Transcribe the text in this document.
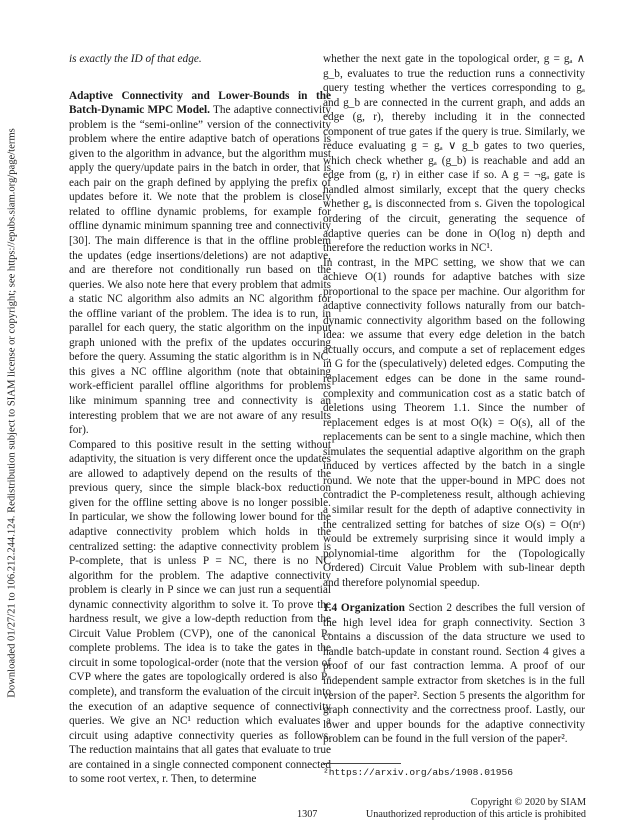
Downloaded 01/27/21 to 106.212.244.124. Redistribution subject to SIAM license or copyright; see https://epubs.siam.org/page/terms

is exactly the ID of that edge.

Adaptive Connectivity and Lower-Bounds in the Batch-Dynamic MPC Model. The adaptive connectivity problem is the “semi-online” version of the connectivity problem where the entire adaptive batch of operations is given to the algorithm in advance, but the algorithm must apply the query/update pairs in the batch in order, that is each pair on the graph defined by applying the prefix of updates before it. We note that the problem is closely related to offline dynamic problems, for example for offline dynamic minimum spanning tree and connectivity [30]. The main difference is that in the offline problem the updates (edge insertions/deletions) are not adaptive, and are therefore not conditionally run based on the queries. We also note here that every problem that admits a static NC algorithm also admits an NC algorithm for the offline variant of the problem. The idea is to run, in parallel for each query, the static algorithm on the input graph unioned with the prefix of the updates occuring before the query. Assuming the static algorithm is in NC, this gives a NC offline algorithm (note that obtaining work-efficient parallel offline algorithms for problems like minimum spanning tree and connectivity is an interesting problem that we are not aware of any results for).

Compared to this positive result in the setting without adaptivity, the situation is very different once the updates are allowed to adaptively depend on the results of the previous query, since the simple black-box reduction given for the offline setting above is no longer possible. In particular, we show the following lower bound for the adaptive connectivity problem which holds in the centralized setting: the adaptive connectivity problem is P-complete, that is unless P = NC, there is no NC algorithm for the problem. The adaptive connectivity problem is clearly in P since we can just run a sequential dynamic connectivity algorithm to solve it. To prove the hardness result, we give a low-depth reduction from the Circuit Value Problem (CVP), one of the canonical P-complete problems. The idea is to take the gates in the circuit in some topological-order (note that the version of CVP where the gates are topologically ordered is also P-complete), and transform the evaluation of the circuit into the execution of an adaptive sequence of connectivity queries. We give an NC¹ reduction which evaluates a circuit using adaptive connectivity queries as follows. The reduction maintains that all gates that evaluate to true are contained in a single connected component connected to some root vertex, r. Then, to determine

whether the next gate in the topological order, g = gₐ ∧ g_b, evaluates to true the reduction runs a connectivity query testing whether the vertices corresponding to gₐ and g_b are connected in the current graph, and adds an edge (g, r), thereby including it in the connected component of true gates if the query is true. Similarly, we reduce evaluating g = gₐ ∨ g_b gates to two queries, which check whether gₐ (g_b) is reachable and add an edge from (g, r) in either case if so. A g = ¬gₐ gate is handled almost similarly, except that the query checks whether gₐ is disconnected from s. Given the topological ordering of the circuit, generating the sequence of adaptive queries can be done in O(log n) depth and therefore the reduction works in NC¹.

In contrast, in the MPC setting, we show that we can achieve O(1) rounds for adaptive batches with size proportional to the space per machine. Our algorithm for adaptive connectivity follows naturally from our batch-dynamic connectivity algorithm based on the following idea: we assume that every edge deletion in the batch actually occurs, and compute a set of replacement edges in G for the (speculatively) deleted edges. Computing the replacement edges can be done in the same round-complexity and communication cost as a static batch of deletions using Theorem 1.1. Since the number of replacement edges is at most O(k) = O(s), all of the replacements can be sent to a single machine, which then simulates the sequential adaptive algorithm on the graph induced by vertices affected by the batch in a single round. We note that the upper-bound in MPC does not contradict the P-completeness result, although achieving a similar result for the depth of adaptive connectivity in the centralized setting for batches of size O(s) = O(nᵋ) would be extremely surprising since it would imply a polynomial-time algorithm for the (Topologically Ordered) Circuit Value Problem with sub-linear depth and therefore polynomial speedup.

1.4 Organization Section 2 describes the full version of the high level idea for graph connectivity. Section 3 contains a discussion of the data structure we used to handle batch-update in constant round. Section 4 gives a proof of our fast contraction lemma. A proof of our independent sample extractor from sketches is in the full version of the paper². Section 5 presents the algorithm for graph connectivity and the correctness proof. Lastly, our lower and upper bounds for the adaptive connectivity problem can be found in the full version of the paper².

²https://arxiv.org/abs/1908.01956

1307
Copyright © 2020 by SIAM
Unauthorized reproduction of this article is prohibited
